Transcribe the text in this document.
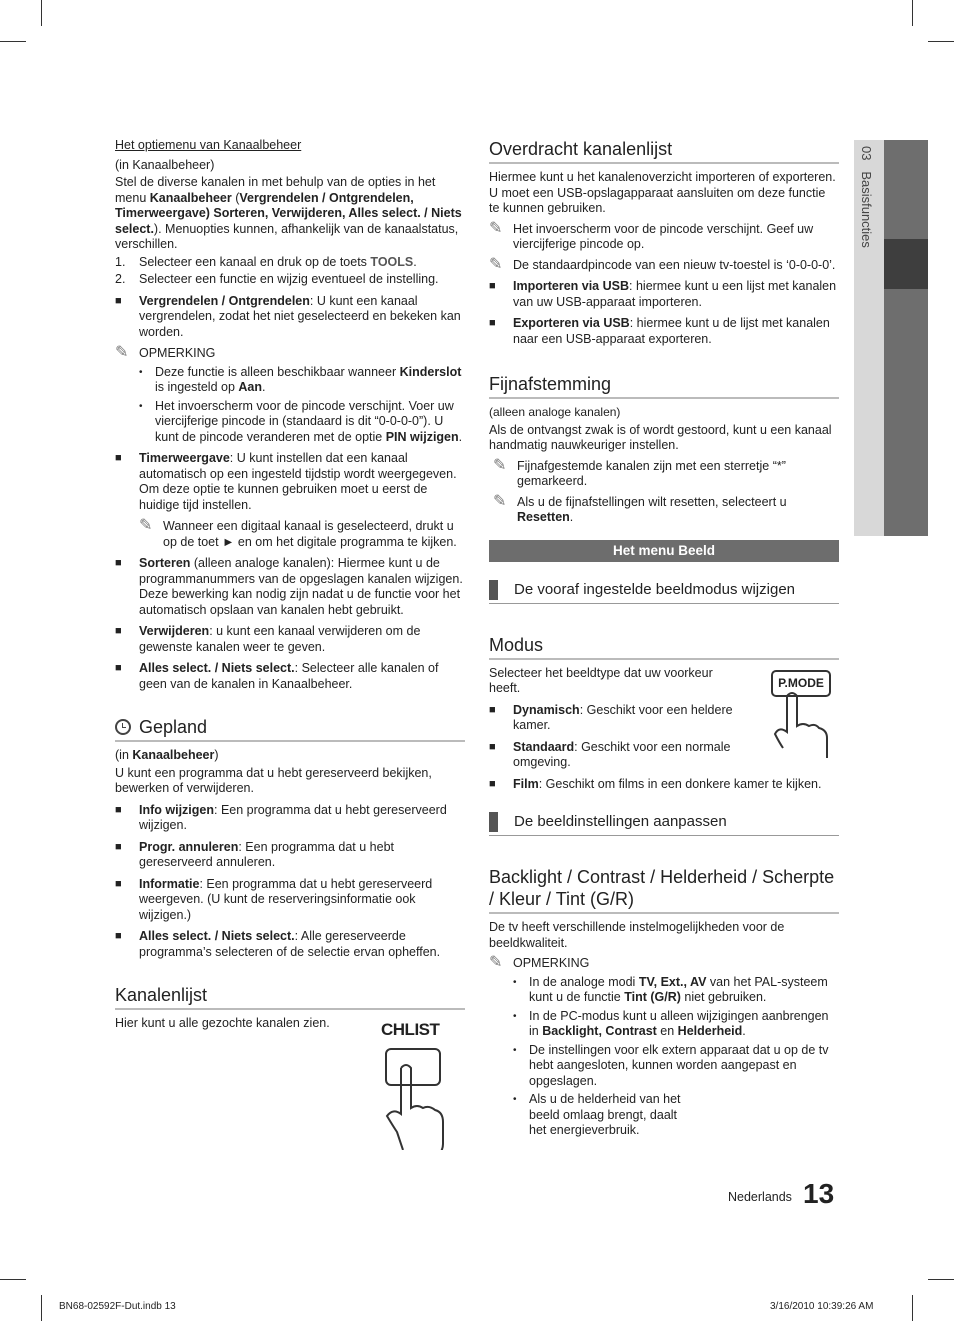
03   Basisfuncties
Het optiemenu van Kanaalbeheer

(in Kanaalbeheer)

Stel de diverse kanalen in met behulp van de opties in het menu Kanaalbeheer (Vergrendelen / Ontgrendelen, Timerweergave) Sorteren, Verwijderen, Alles select. / Niets select.). Menuopties kunnen, afhankelijk van de kanaalstatus, verschillen.

1.	Selecteer een kanaal en druk op de toets TOOLS.
2.	Selecteer een functie en wijzig eventueel de instelling.
■	Vergrendelen / Ontgrendelen: U kunt een kanaal vergrendelen, zodat het niet geselecteerd en bekeken kan worden.
✎ OPMERKING
• Deze functie is alleen beschikbaar wanneer Kinderslot is ingesteld op Aan.
• Het invoerscherm voor de pincode verschijnt. Voer uw viercijferige pincode in (standaard is dit “0-0-0-0”). U kunt de pincode veranderen met de optie PIN wijzigen.
■	Timerweergave: U kunt instellen dat een kanaal automatisch op een ingesteld tijdstip wordt weergegeven. Om deze optie te kunnen gebruiken moet u eerst de huidige tijd instellen.
✎ Wanneer een digitaal kanaal is geselecteerd, drukt u op de toet ► en om het digitale programma te kijken.
■	Sorteren (alleen analoge kanalen): Hiermee kunt u de programmanummers van de opgeslagen kanalen wijzigen. Deze bewerking kan nodig zijn nadat u de functie voor het automatisch opslaan van kanalen hebt gebruikt.
■	Verwijderen: u kunt een kanaal verwijderen om de gewenste kanalen weer te geven.
■	Alles select. / Niets select.: Selecteer alle kanalen of geen van de kanalen in Kanaalbeheer.
Gepland

(in Kanaalbeheer)

U kunt een programma dat u hebt gereserveerd bekijken, bewerken of verwijderen.

■	Info wijzigen: Een programma dat u hebt gereserveerd wijzigen.
■	Progr. annuleren: Een programma dat u hebt gereserveerd annuleren.
■	Informatie: Een programma dat u hebt gereserveerd weergeven. (U kunt de reserveringsinformatie ook wijzigen.)
■	Alles select. / Niets select.: Alle gereserveerde programma’s selecteren of de selectie ervan opheffen.
Kanalenlijst

Hier kunt u alle gezochte kanalen zien.	CHLIST
Overdracht kanalenlijst

Hiermee kunt u het kanalenoverzicht importeren of exporteren. U moet een USB-opslagapparaat aansluiten om deze functie te kunnen gebruiken.

✎ Het invoerscherm voor de pincode verschijnt. Geef uw viercijferige pincode op.
✎ De standaardpincode van een nieuw tv-toestel is ‘0-0-0-0’.
■	Importeren via USB: hiermee kunt u een lijst met kanalen van uw USB-apparaat importeren.
■	Exporteren via USB: hiermee kunt u de lijst met kanalen naar een USB-apparaat exporteren.
Fijnafstemming

(alleen analoge kanalen)

Als de ontvangst zwak is of wordt gestoord, kunt u een kanaal handmatig nauwkeuriger instellen.

✎ Fijnafgestemde kanalen zijn met een sterretje “*” gemarkeerd.
✎ Als u de fijnafstellingen wilt resetten, selecteert u Resetten.
Het menu Beeld
De vooraf ingestelde beeldmodus wijzigen
Modus

Selecteer het beeldtype dat uw voorkeur heeft.

■	Dynamisch: Geschikt voor een heldere kamer.
■	Standaard: Geschikt voor een normale omgeving.
P.MODE
■	Film: Geschikt om films in een donkere kamer te kijken.
De beeldinstellingen aanpassen
Backlight / Contrast / Helderheid / Scherpte / Kleur / Tint (G/R)

De tv heeft verschillende instelmogelijkheden voor de beeldkwaliteit.

✎ OPMERKING
• In de analoge modi TV, Ext., AV van het PAL-systeem kunt u de functie Tint (G/R) niet gebruiken.
• In de PC-modus kunt u alleen wijzigingen aanbrengen in Backlight, Contrast en Helderheid.
• De instellingen voor elk extern apparaat dat u op de tv hebt aangesloten, kunnen worden aangepast en opgeslagen.
• Als u de helderheid van het beeld omlaag brengt, daalt het energieverbruik.
Nederlands 13
BN68-02592F-Dut.indb 13	3/16/2010 10:39:26 AM
